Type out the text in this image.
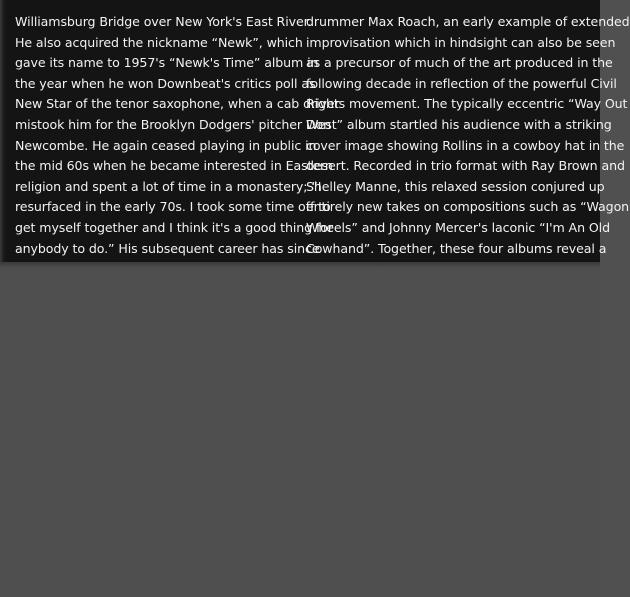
Williamsburg Bridge over New York's East River.
He also acquired the nickname “Newk”, which
gave its name to 1957's “Newk's Time” album in
the year when he won Downbeat's critics poll as
New Star of the tenor saxophone, when a cab driver
mistook him for the Brooklyn Dodgers' pitcher Don
Newcombe. He again ceased playing in public in
the mid 60s when he became interested in Eastern
religion and spent a lot of time in a monastery; “I
resurfaced in the early 70s. I took some time off to
get myself together and I think it's a good thing for
anybody to do.” His subsequent career has since
drummer Max Roach, an early example of extended
improvisation which in hindsight can also be seen
as a precursor of much of the art produced in the
following decade in reflection of the powerful Civil
Rights movement. The typically eccentric “Way Out
West” album startled his audience with a striking
cover image showing Rollins in a cowboy hat in the
desert. Recorded in trio format with Ray Brown and
Shelley Manne, this relaxed session conjured up
entirely new takes on compositions such as “Wagon
Wheels” and Johnny Mercer's laconic “I'm An Old
Cowhand”. Together, these four albums reveal a
